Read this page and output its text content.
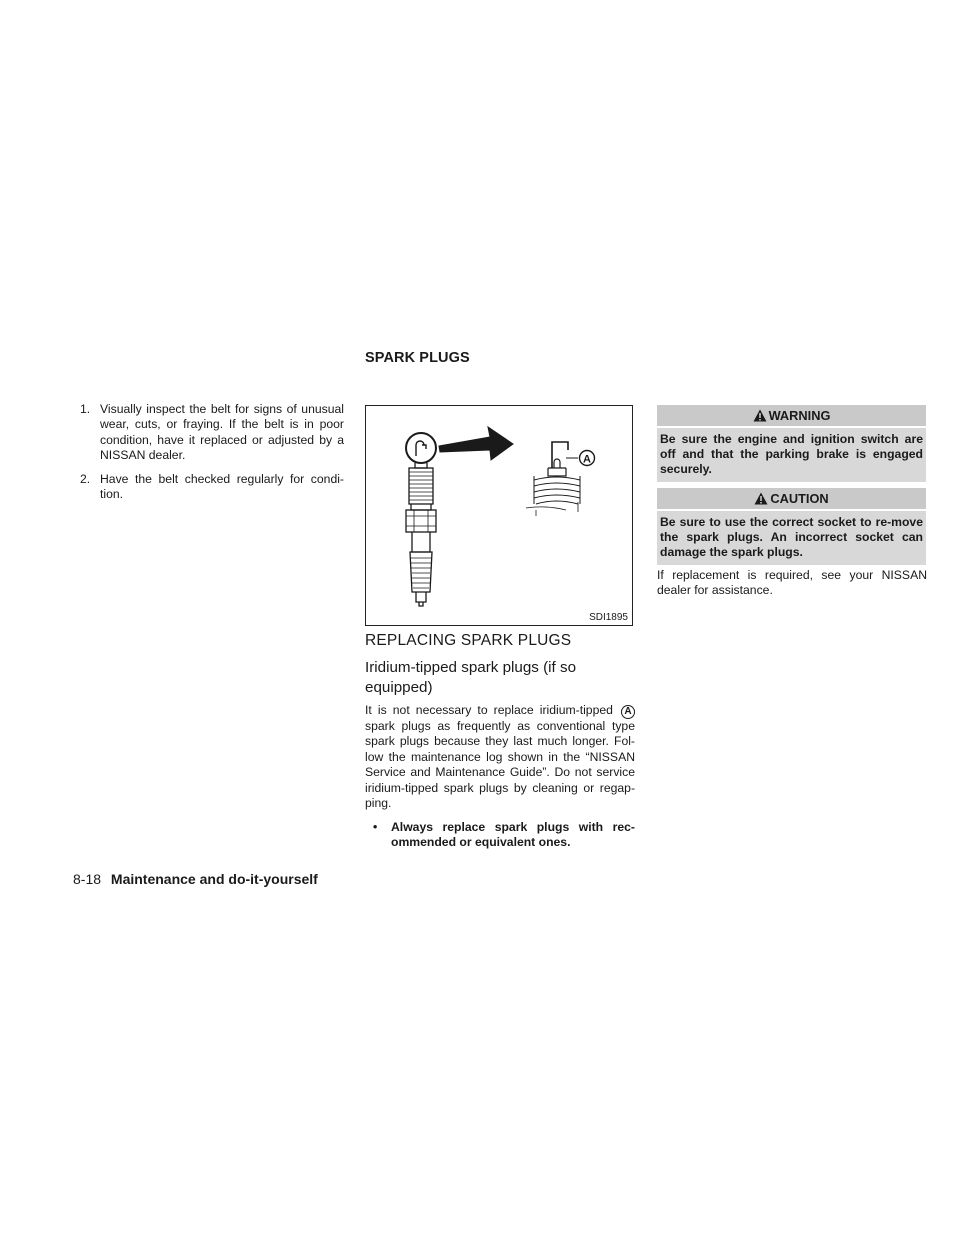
1. Visually inspect the belt for signs of unusual wear, cuts, or fraying. If the belt is in poor condition, have it replaced or adjusted by a NISSAN dealer.
2. Have the belt checked regularly for condi-tion.
SPARK PLUGS
A
SDI1895
REPLACING SPARK PLUGS
Iridium-tipped spark plugs (if so equipped)
It is not necessary to replace iridium-tipped A spark plugs as frequently as conventional type spark plugs because they last much longer. Fol-low the maintenance log shown in the “NISSAN Service and Maintenance Guide”. Do not service iridium-tipped spark plugs by cleaning or regap-ping.
• Always replace spark plugs with rec-ommended or equivalent ones.
WARNING
Be sure the engine and ignition switch are off and that the parking brake is engaged securely.
CAUTION
Be sure to use the correct socket to re-move the spark plugs. An incorrect socket can damage the spark plugs.
If replacement is required, see your NISSAN dealer for assistance.
8-18 Maintenance and do-it-yourself
